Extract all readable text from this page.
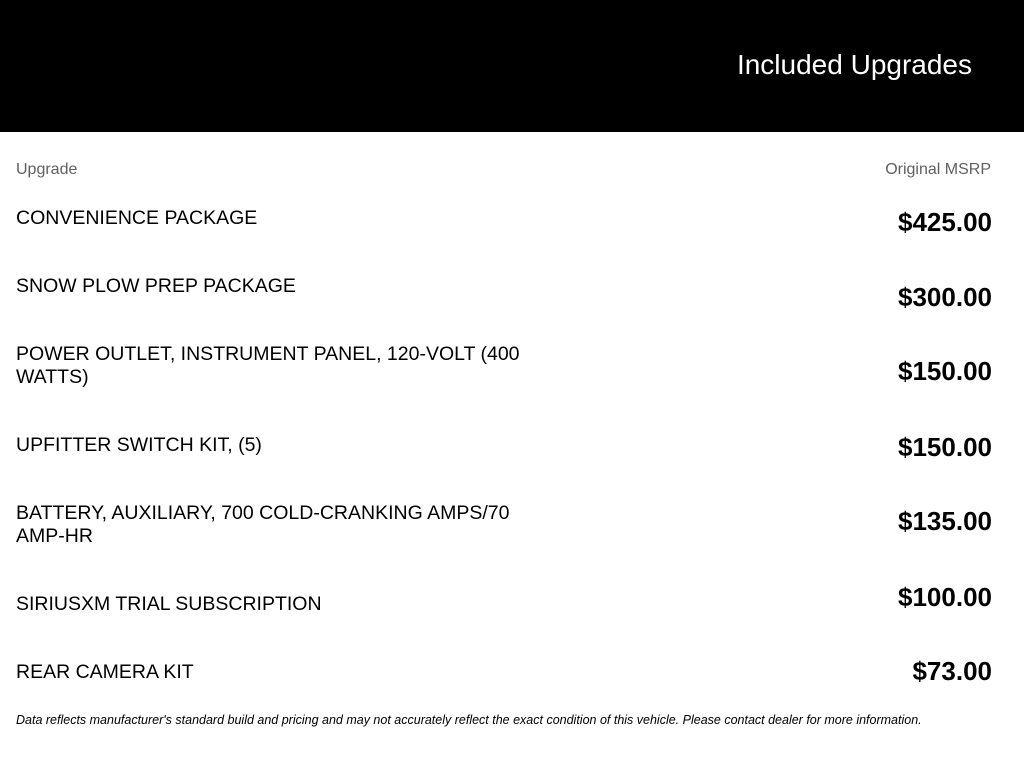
Included Upgrades
Upgrade	Original MSRP
CONVENIENCE PACKAGE	$425.00
SNOW PLOW PREP PACKAGE	$300.00
POWER OUTLET, INSTRUMENT PANEL, 120-VOLT (400 WATTS)	$150.00
UPFITTER SWITCH KIT, (5)	$150.00
BATTERY, AUXILIARY, 700 COLD-CRANKING AMPS/70 AMP-HR	$135.00
SIRIUSXM TRIAL SUBSCRIPTION	$100.00
REAR CAMERA KIT	$73.00
Data reflects manufacturer's standard build and pricing and may not accurately reflect the exact condition of this vehicle. Please contact dealer for more information.
